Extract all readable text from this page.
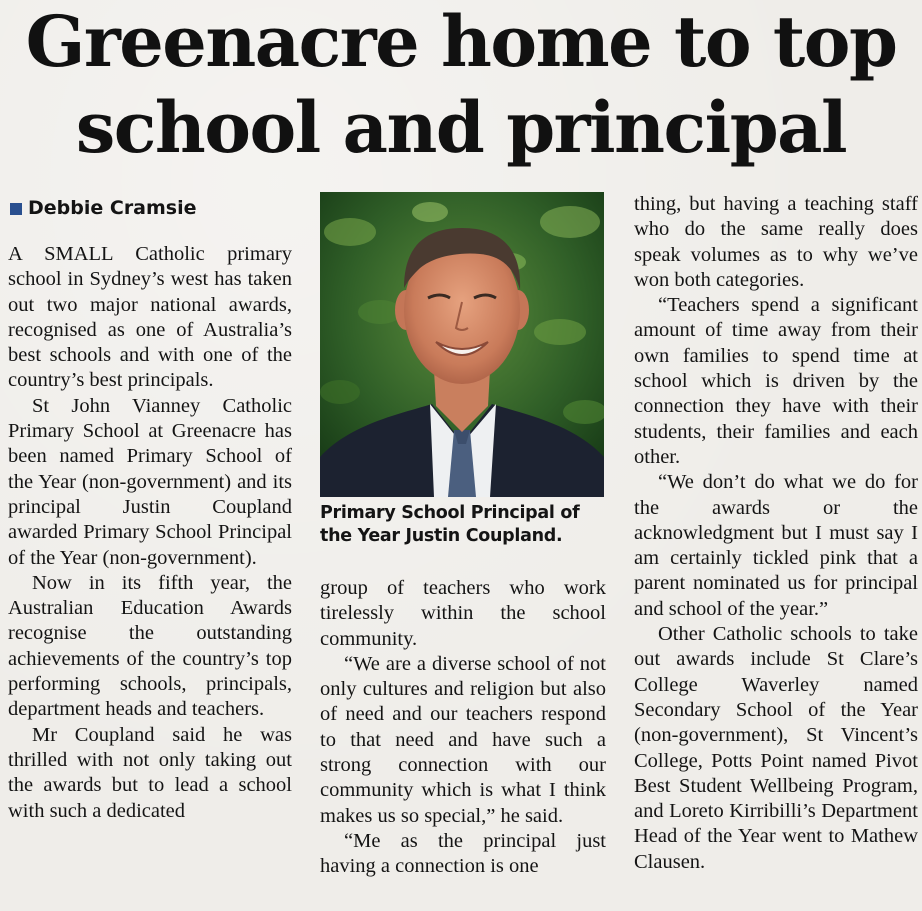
Greenacre home to top
school and principal
Debbie Cramsie

A SMALL Catholic primary school in Sydney’s west has taken out two major national awards, recognised as one of Australia’s best schools and with one of the country’s best principals.

St John Vianney Catholic Primary School at Greenacre has been named Primary School of the Year (non-government) and its principal Justin Coupland awarded Primary School Principal of the Year (non-government).

Now in its fifth year, the Australian Education Awards recognise the outstanding achievements of the country’s top performing schools, principals, department heads and teachers.

Mr Coupland said he was thrilled with not only taking out the awards but to lead a school with such a dedicated

Primary School Principal of the Year Justin Coupland.

group of teachers who work tirelessly within the school community.

“We are a diverse school of not only cultures and religion but also of need and our teachers respond to that need and have such a strong connection with our community which is what I think makes us so special,” he said.

“Me as the principal just having a connection is one

thing, but having a teaching staff who do the same really does speak volumes as to why we’ve won both categories.

“Teachers spend a significant amount of time away from their own families to spend time at school which is driven by the connection they have with their students, their families and each other.

“We don’t do what we do for the awards or the acknowledgment but I must say I am certainly tickled pink that a parent nominated us for principal and school of the year.”

Other Catholic schools to take out awards include St Clare’s College Waverley named Secondary School of the Year (non-government), St Vincent’s College, Potts Point named Pivot Best Student Wellbeing Program, and Loreto Kirribilli’s Department Head of the Year went to Mathew Clausen.
